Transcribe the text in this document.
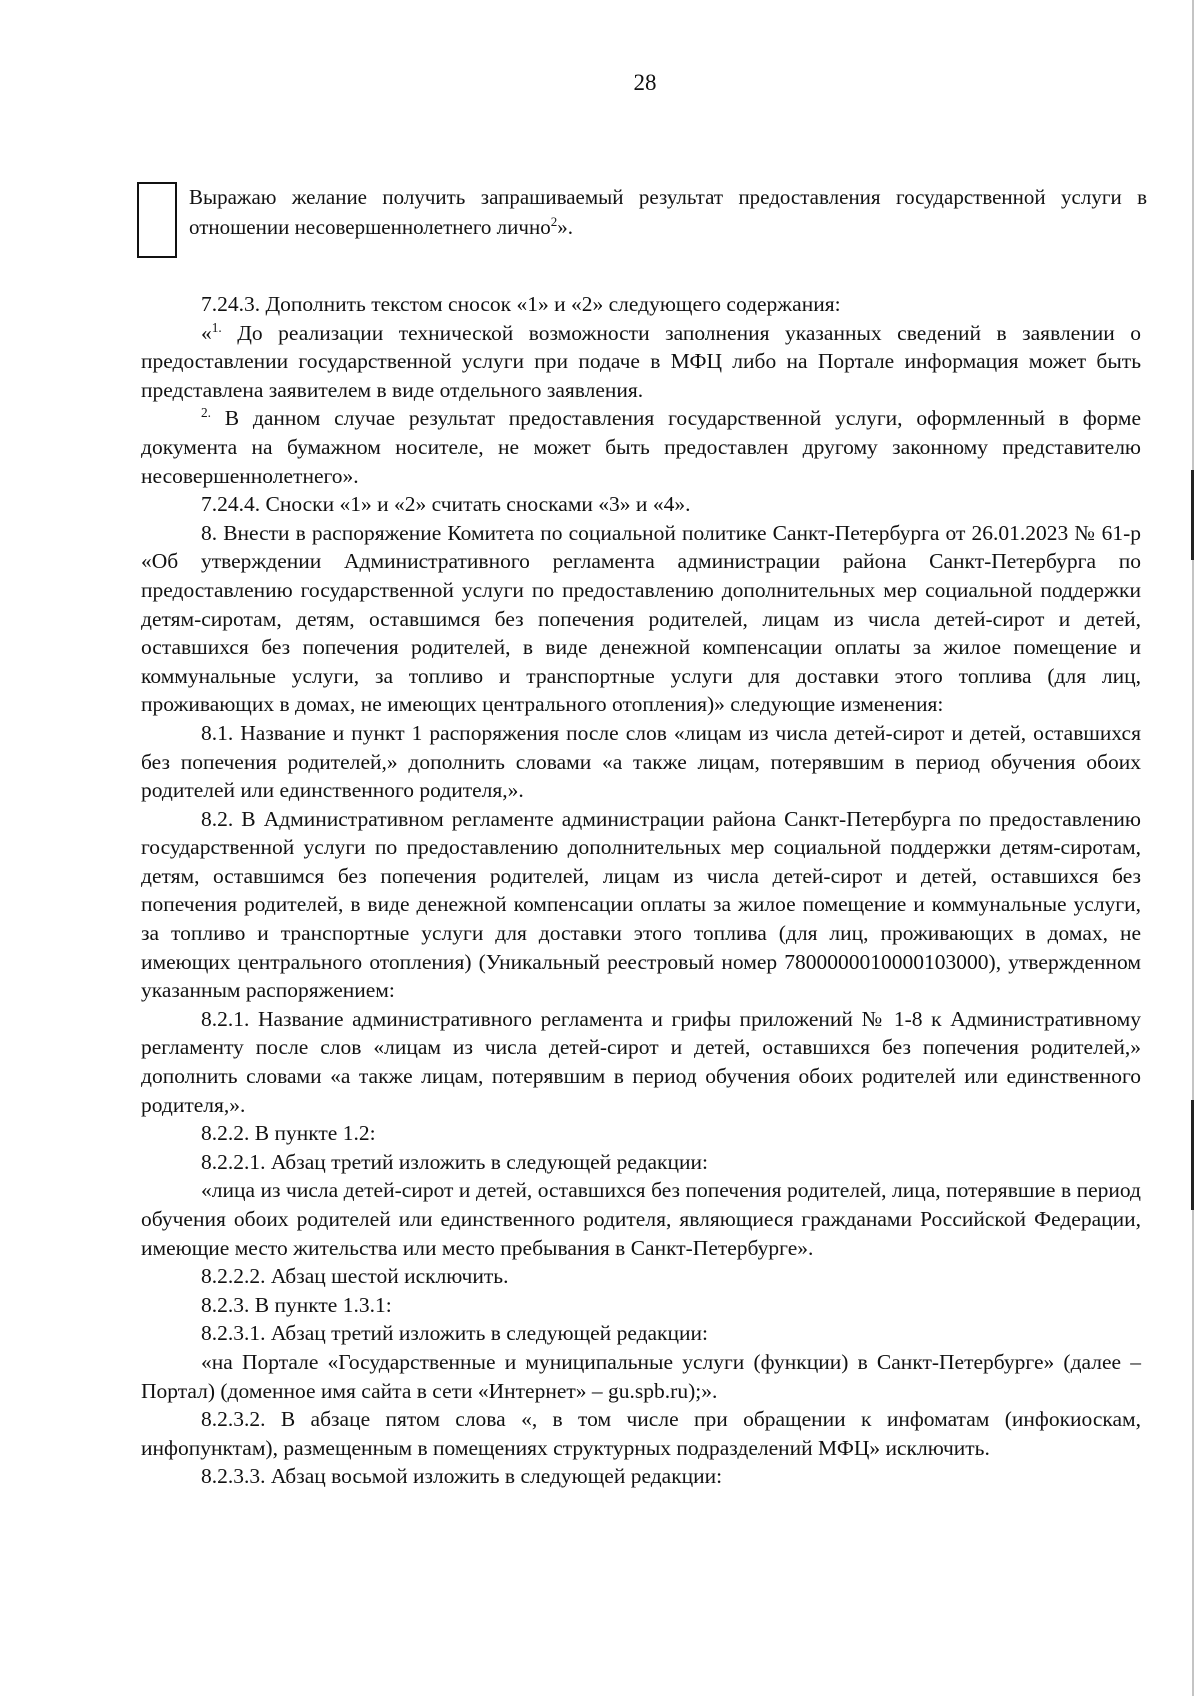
28
Выражаю желание получить запрашиваемый результат предоставления государственной услуги в отношении несовершеннолетнего лично$^2$».

7.24.3. Дополнить текстом сносок «1» и «2» следующего содержания:

«$^{1.}$ До реализации технической возможности заполнения указанных сведений в заявлении о предоставлении государственной услуги при подаче в МФЦ либо на Портале информация может быть представлена заявителем в виде отдельного заявления.

$^{2.}$ В данном случае результат предоставления государственной услуги, оформленный в форме документа на бумажном носителе, не может быть предоставлен другому законному представителю несовершеннолетнего».

7.24.4. Сноски «1» и «2» считать сносками «3» и «4».

8. Внести в распоряжение Комитета по социальной политике Санкт-Петербурга от 26.01.2023 № 61-р «Об утверждении Административного регламента администрации района Санкт-Петербурга по предоставлению государственной услуги по предоставлению дополнительных мер социальной поддержки детям-сиротам, детям, оставшимся без попечения родителей, лицам из числа детей-сирот и детей, оставшихся без попечения родителей, в виде денежной компенсации оплаты за жилое помещение и коммунальные услуги, за топливо и транспортные услуги для доставки этого топлива (для лиц, проживающих в домах, не имеющих центрального отопления)» следующие изменения:

8.1. Название и пункт 1 распоряжения после слов «лицам из числа детей-сирот и детей, оставшихся без попечения родителей,» дополнить словами «а также лицам, потерявшим в период обучения обоих родителей или единственного родителя,».

8.2. В Административном регламенте администрации района Санкт-Петербурга по предоставлению государственной услуги по предоставлению дополнительных мер социальной поддержки детям-сиротам, детям, оставшимся без попечения родителей, лицам из числа детей-сирот и детей, оставшихся без попечения родителей, в виде денежной компенсации оплаты за жилое помещение и коммунальные услуги, за топливо и транспортные услуги для доставки этого топлива (для лиц, проживающих в домах, не имеющих центрального отопления) (Уникальный реестровый номер 7800000010000103000), утвержденном указанным распоряжением:

8.2.1. Название административного регламента и грифы приложений № 1-8 к Административному регламенту после слов «лицам из числа детей-сирот и детей, оставшихся без попечения родителей,» дополнить словами «а также лицам, потерявшим в период обучения обоих родителей или единственного родителя,».

8.2.2. В пункте 1.2:

8.2.2.1. Абзац третий изложить в следующей редакции:

«лица из числа детей-сирот и детей, оставшихся без попечения родителей, лица, потерявшие в период обучения обоих родителей или единственного родителя, являющиеся гражданами Российской Федерации, имеющие место жительства или место пребывания в Санкт-Петербурге».

8.2.2.2. Абзац шестой исключить.

8.2.3. В пункте 1.3.1:

8.2.3.1. Абзац третий изложить в следующей редакции:

«на Портале «Государственные и муниципальные услуги (функции) в Санкт-Петербурге» (далее – Портал) (доменное имя сайта в сети «Интернет» – gu.spb.ru);».

8.2.3.2. В абзаце пятом слова «, в том числе при обращении к инфоматам (инфокиоскам, инфопунктам), размещенным в помещениях структурных подразделений МФЦ» исключить.

8.2.3.3. Абзац восьмой изложить в следующей редакции:
